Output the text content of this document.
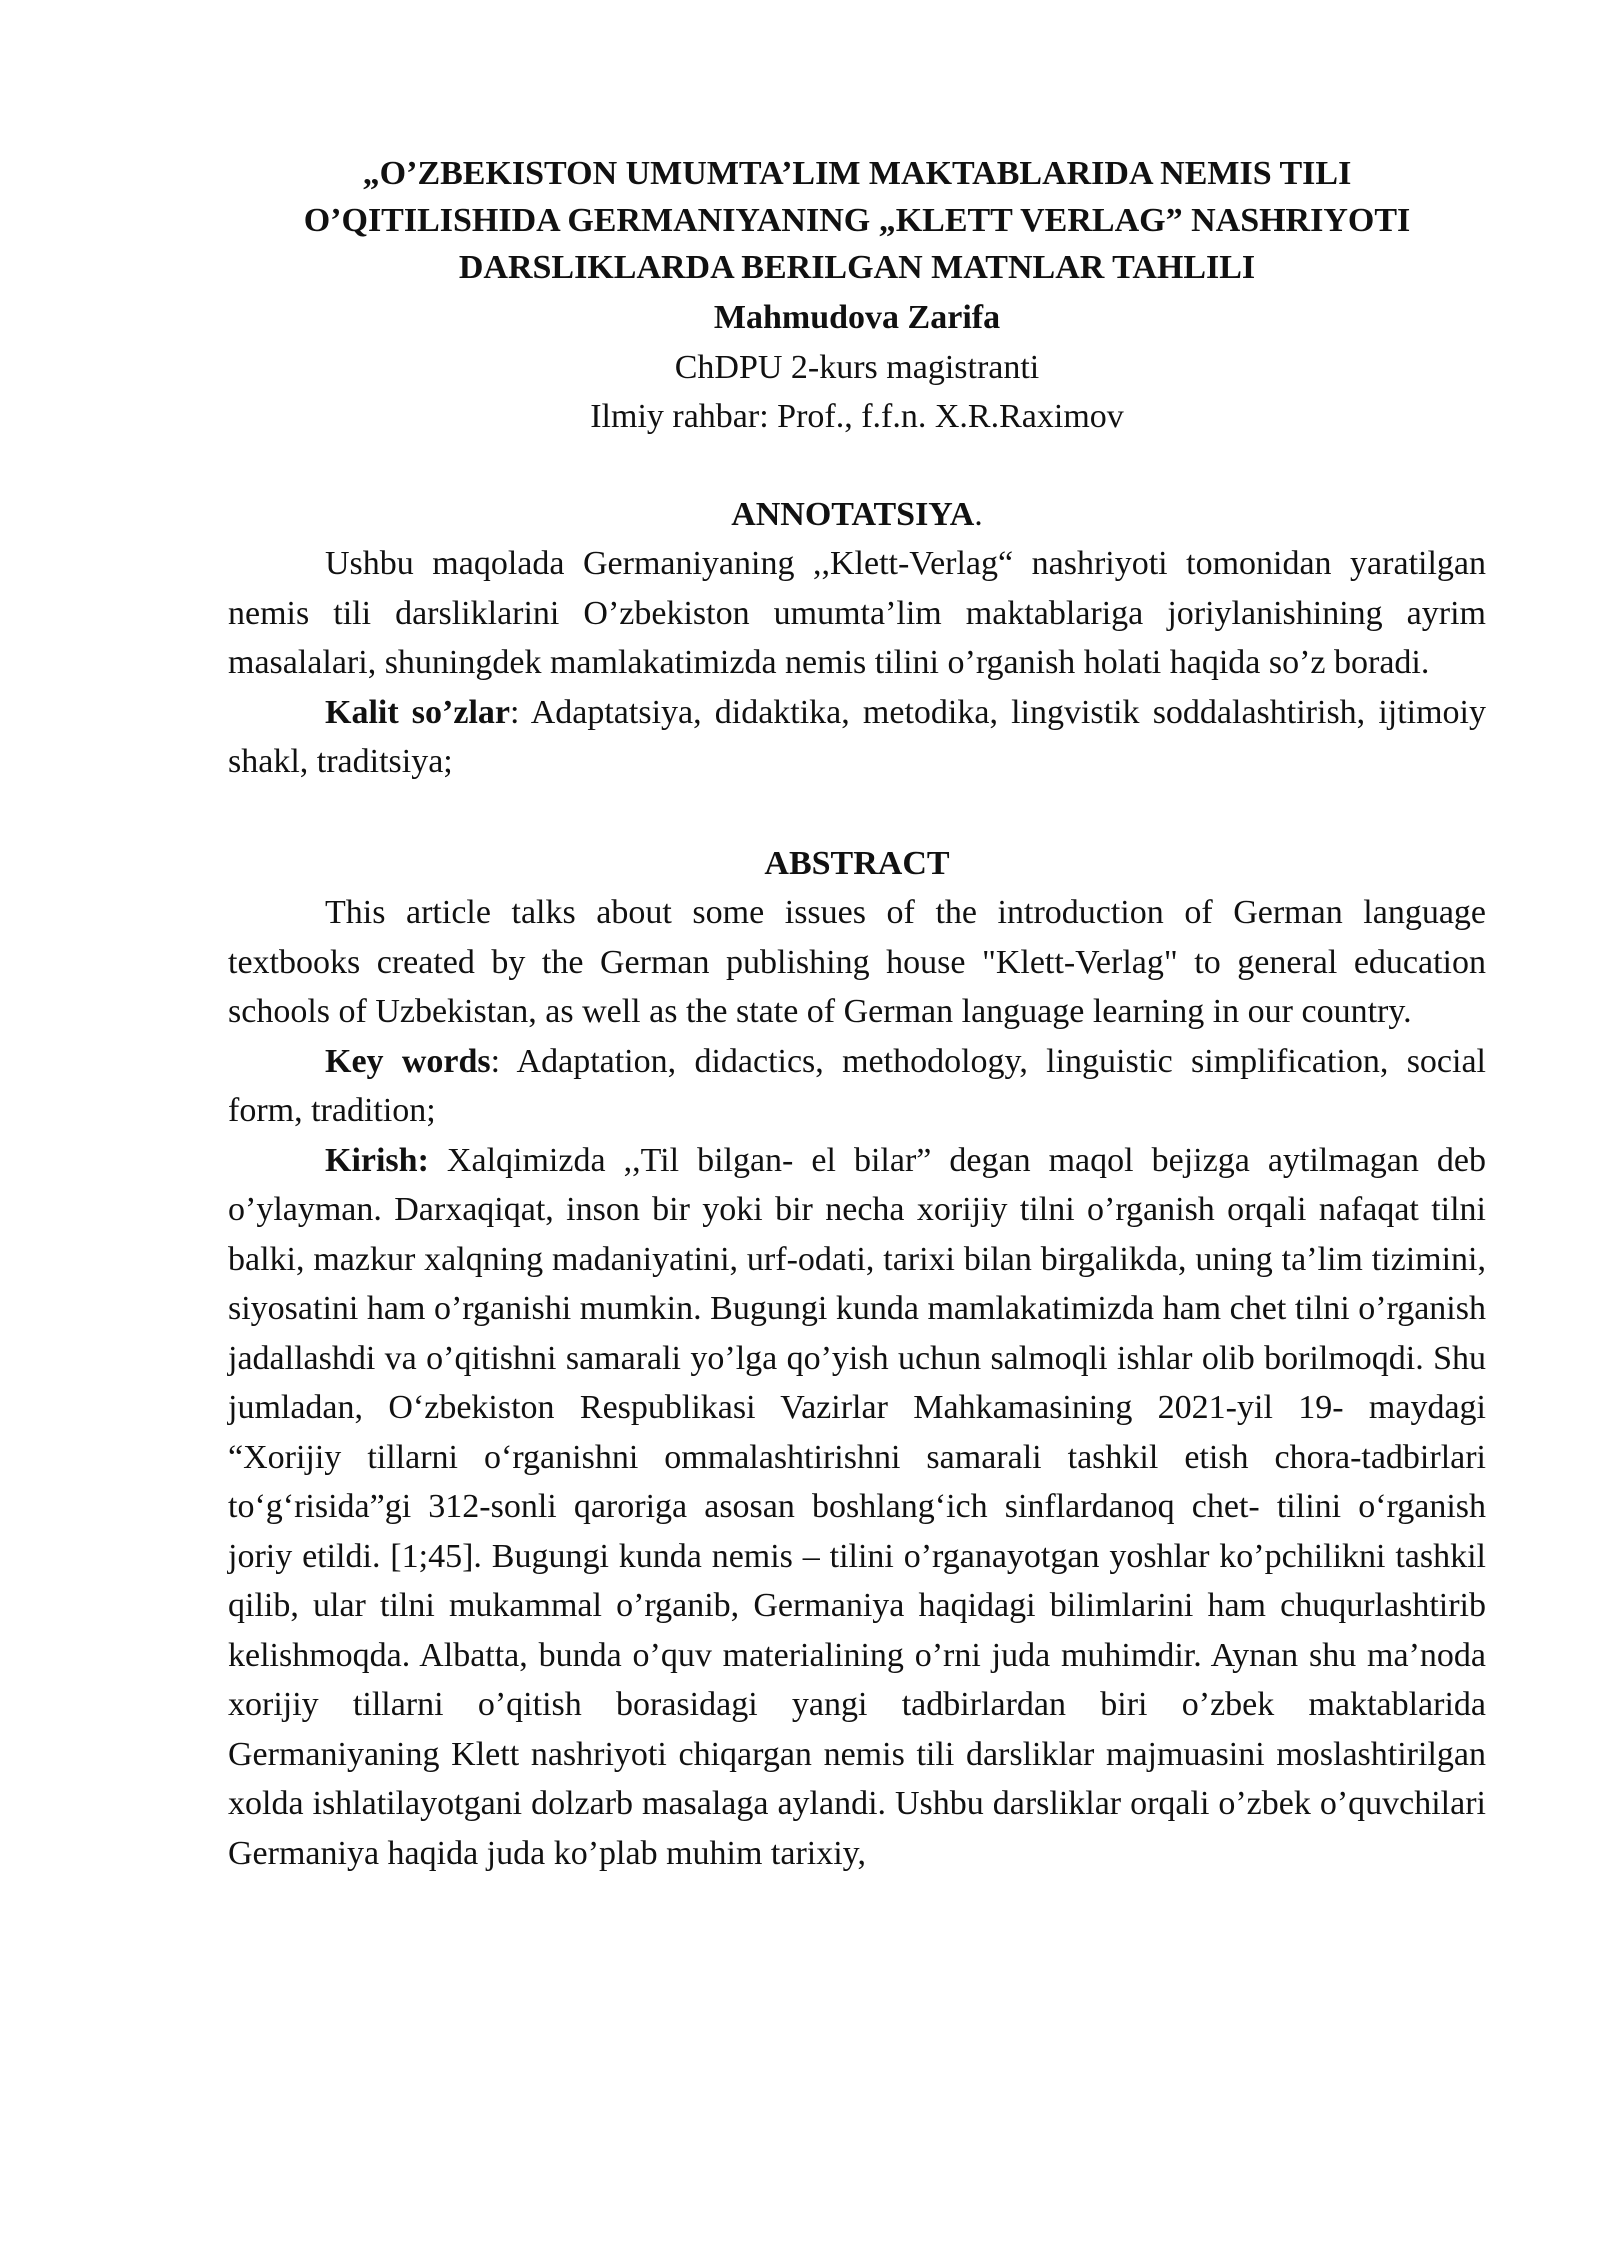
„O’ZBEKISTON UMUMTA’LIM MAKTABLARIDA NEMIS TILI

O’QITILISHIDA GERMANIYANING „KLETT VERLAG” NASHRIYOTI

DARSLIKLARDA BERILGAN MATNLAR TAHLILI

Mahmudova Zarifa
ChDPU 2-kurs magistranti
Ilmiy rahbar: Prof., f.f.n. X.R.Raximov
ANNOTATSIYA.

Ushbu maqolada Germaniyaning ,,Klett-Verlag“ nashriyoti tomonidan yaratilgan nemis tili darsliklarini O’zbekiston umumta’lim maktablariga joriylanishining ayrim masalalari, shuningdek mamlakatimizda nemis tilini o’rganish holati haqida so’z boradi.

Kalit so’zlar: Adaptatsiya, didaktika, metodika, lingvistik soddalashtirish, ijtimoiy shakl, traditsiya;

ABSTRACT

This article talks about some issues of the introduction of German language textbooks created by the German publishing house "Klett-Verlag" to general education schools of Uzbekistan, as well as the state of German language learning in our country.

Key words: Adaptation, didactics, methodology, linguistic simplification, social form, tradition;

Kirish: Xalqimizda ,,Til bilgan- el bilar” degan maqol bejizga aytilmagan deb o’ylayman. Darxaqiqat, inson bir yoki bir necha xorijiy tilni o’rganish orqali nafaqat tilni balki, mazkur xalqning madaniyatini, urf-odati, tarixi bilan birgalikda, uning ta’lim tizimini, siyosatini ham o’rganishi mumkin. Bugungi kunda mamlakatimizda ham chet tilni o’rganish jadallashdi va o’qitishni samarali yo’lga qo’yish uchun salmoqli ishlar olib borilmoqdi. Shu jumladan, O‘zbekiston Respublikasi Vazirlar Mahkamasining 2021-yil 19- maydagi “Xorijiy tillarni o‘rganishni ommalashtirishni samarali tashkil etish chora-tadbirlari to‘g‘risida”gi 312-sonli qaroriga asosan boshlang‘ich sinflardanoq chet- tilini o‘rganish joriy etildi. [1;45]. Bugungi kunda nemis – tilini o’rganayotgan yoshlar ko’pchilikni tashkil qilib, ular tilni mukammal o’rganib, Germaniya haqidagi bilimlarini ham chuqurlashtirib kelishmoqda. Albatta, bunda o’quv materialining o’rni juda muhimdir. Aynan shu ma’noda xorijiy tillarni o’qitish borasidagi yangi tadbirlardan biri o’zbek maktablarida Germaniyaning Klett nashriyoti chiqargan nemis tili darsliklar majmuasini moslashtirilgan xolda ishlatilayotgani dolzarb masalaga aylandi. Ushbu darsliklar orqali o’zbek o’quvchilari Germaniya haqida juda ko’plab muhim tarixiy,
